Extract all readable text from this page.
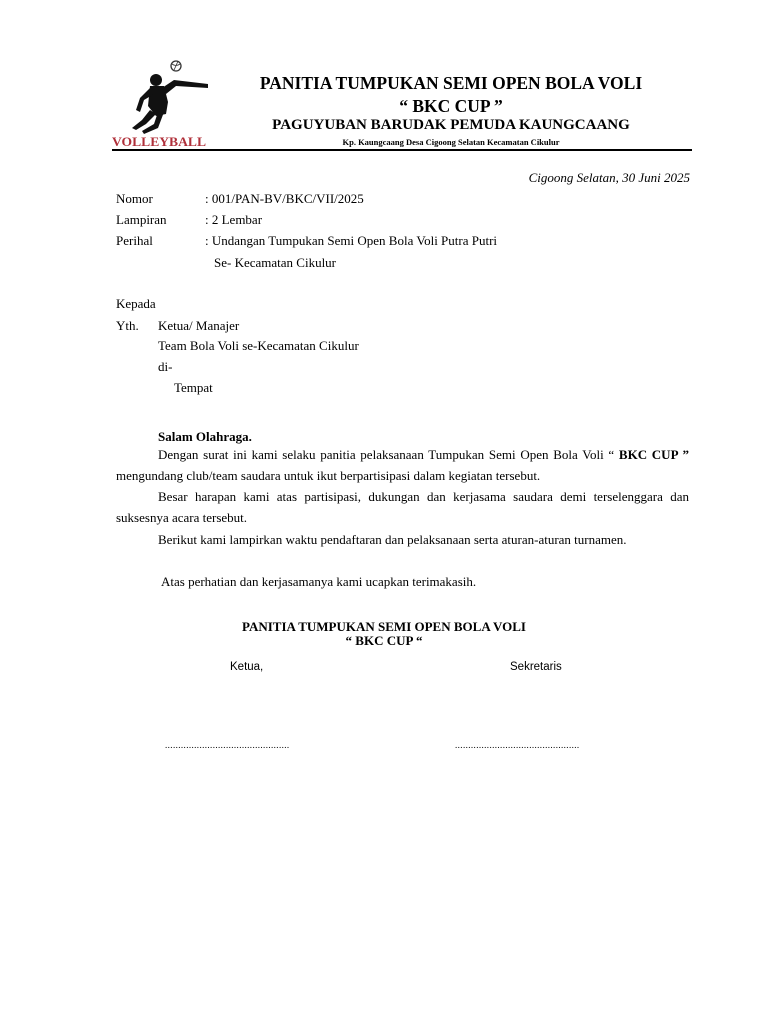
VOLLEYBALL
PANITIA TUMPUKAN SEMI OPEN BOLA VOLI
“ BKC CUP ”
PAGUYUBAN BARUDAK PEMUDA KAUNGCAANG
Kp. Kaungcaang Desa Cigoong Selatan Kecamatan Cikulur
Cigoong Selatan, 30 Juni 2025
Nomor	: 001/PAN-BV/BKC/VII/2025
Lampiran	: 2 Lembar
Perihal	: Undangan Tumpukan Semi Open Bola Voli Putra Putri
Se- Kecamatan Cikulur
Kepada
Yth. Ketua/ Manajer
Team Bola Voli se-Kecamatan Cikulur
di-
Tempat
Salam Olahraga.
Dengan surat ini kami selaku panitia pelaksanaan Tumpukan Semi Open Bola Voli “ BKC CUP ” mengundang club/team saudara untuk ikut berpartisipasi dalam kegiatan tersebut.
Besar harapan kami atas partisipasi, dukungan dan kerjasama saudara demi terselenggara dan suksesnya acara tersebut.
Berikut kami lampirkan waktu pendaftaran dan pelaksanaan serta aturan-aturan turnamen.
Atas perhatian dan kerjasamanya kami ucapkan terimakasih.
PANITIA TUMPUKAN SEMI OPEN BOLA VOLI
“ BKC CUP “
Ketua,	Sekretaris
...............................................	...............................................
